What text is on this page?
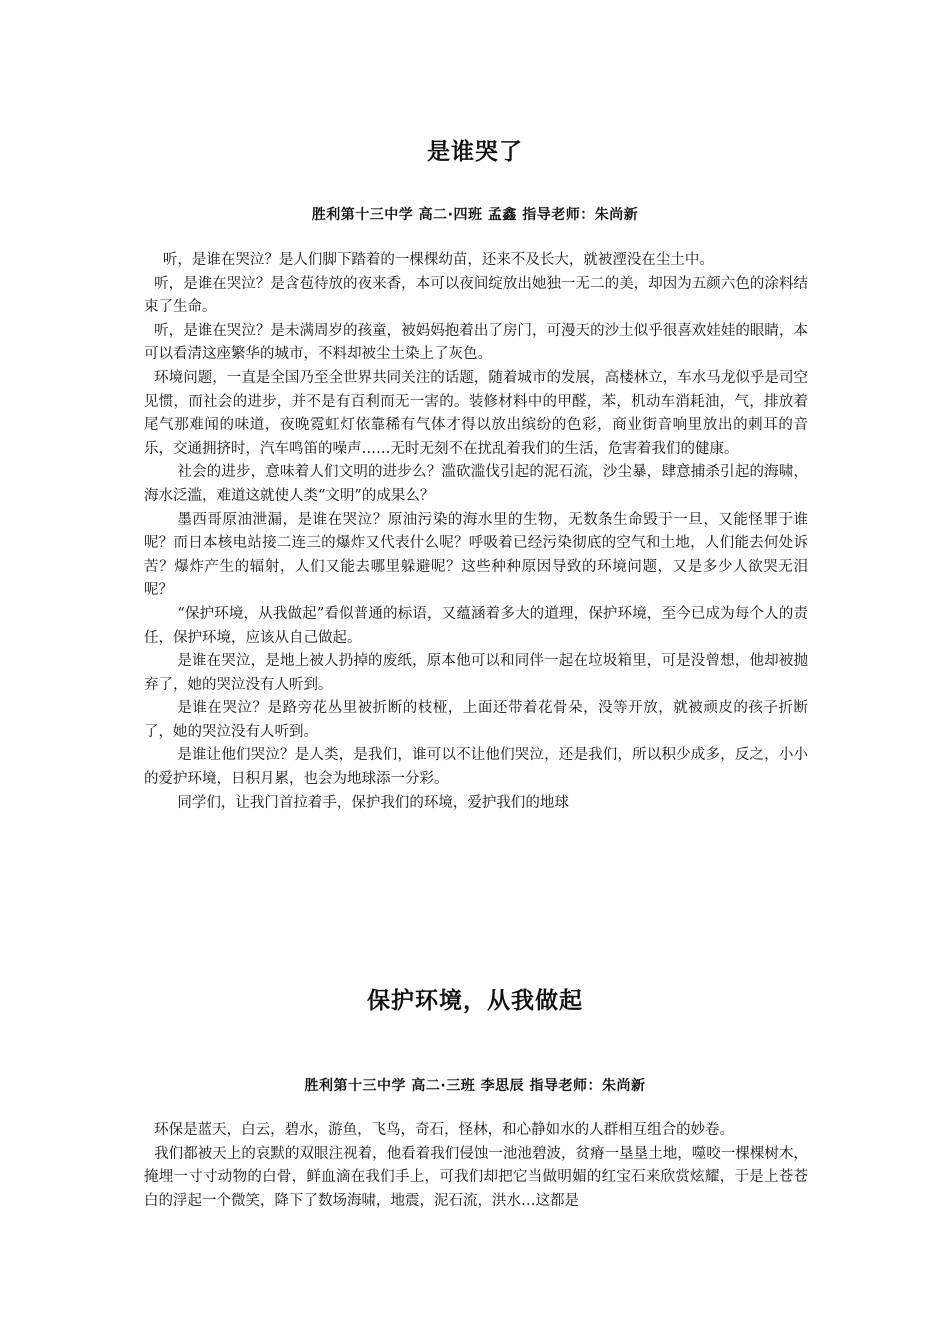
是谁哭了
胜利第十三中学 高二·四班 孟鑫 指导老师：朱尚新

听，是谁在哭泣？是人们脚下踏着的一棵棵幼苗，还来不及长大，就被湮没在尘土中。

听，是谁在哭泣？是含苞待放的夜来香，本可以夜间绽放出她独一无二的美，却因为五颜六色的涂料结束了生命。

听，是谁在哭泣？是未满周岁的孩童，被妈妈抱着出了房门，可漫天的沙土似乎很喜欢娃娃的眼睛，本可以看清这座繁华的城市，不料却被尘土染上了灰色。

环境问题，一直是全国乃至全世界共同关注的话题，随着城市的发展，高楼林立，车水马龙似乎是司空见惯，而社会的进步，并不是有百利而无一害的。装修材料中的甲醛，苯，机动车消耗油，气，排放着尾气那难闻的味道，夜晚霓虹灯依靠稀有气体才得以放出缤纷的色彩，商业街音响里放出的刺耳的音乐，交通拥挤时，汽车鸣笛的噪声……无时无刻不在扰乱着我们的生活，危害着我们的健康。

社会的进步，意味着人们文明的进步么？滥砍滥伐引起的泥石流，沙尘暴，肆意捕杀引起的海啸，海水泛滥，难道这就使人类“文明”的成果么？

墨西哥原油泄漏，是谁在哭泣？原油污染的海水里的生物，无数条生命毁于一旦，又能怪罪于谁呢？而日本核电站接二连三的爆炸又代表什么呢？呼吸着已经污染彻底的空气和土地，人们能去何处诉苦？爆炸产生的辐射，人们又能去哪里躲避呢？这些种种原因导致的环境问题，又是多少人欲哭无泪呢？

“保护环境，从我做起”看似普通的标语，又蕴涵着多大的道理，保护环境，至今已成为每个人的责任，保护环境，应该从自己做起。

是谁在哭泣，是地上被人扔掉的废纸，原本他可以和同伴一起在垃圾箱里，可是没曾想，他却被抛弃了，她的哭泣没有人听到。

是谁在哭泣？是路旁花丛里被折断的枝桠，上面还带着花骨朵，没等开放，就被顽皮的孩子折断了，她的哭泣没有人听到。

是谁让他们哭泣？是人类，是我们，谁可以不让他们哭泣，还是我们，所以积少成多，反之，小小的爱护环境，日积月累，也会为地球添一分彩。

同学们，让我门首拉着手，保护我们的环境，爱护我们的地球

保护环境，从我做起
胜利第十三中学 高二·三班 李思辰 指导老师：朱尚新

环保是蓝天，白云，碧水，游鱼，飞鸟，奇石，怪林，和心静如水的人群相互组合的妙卷。

我们都被天上的哀默的双眼注视着，他看着我们侵蚀一池池碧波，贫瘠一垦垦土地，噬咬一棵棵树木，掩埋一寸寸动物的白骨，鲜血滴在我们手上，可我们却把它当做明媚的红宝石来欣赏炫耀，于是上苍苍白的浮起一个微笑，降下了数场海啸，地震，泥石流，洪水…这都是
